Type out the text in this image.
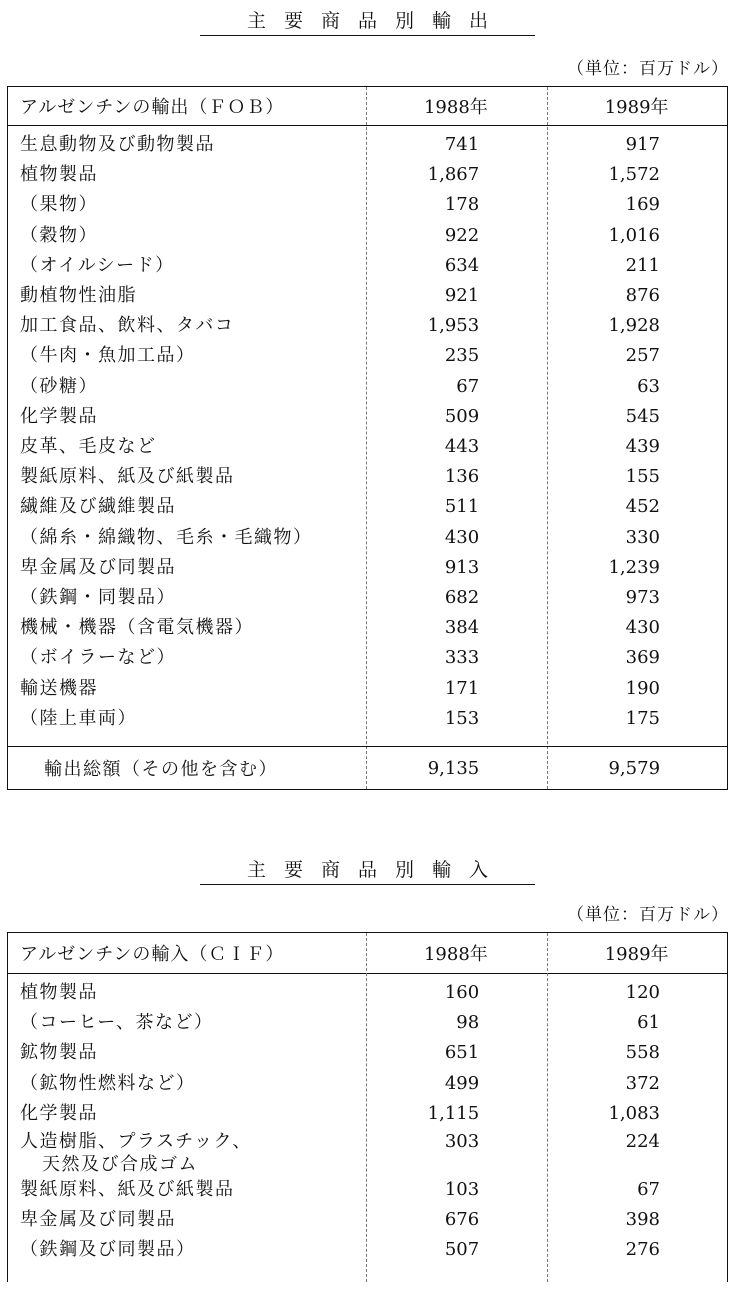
主要商品別輸出
（単位：百万ドル）
アルゼンチンの輸出（ＦＯＢ）	1988年	1989年
生息動物及び動物製品	741	917
植物製品	1,867	1,572
（果物）	178	169
（穀物）	922	1,016
（オイルシード）	634	211
動植物性油脂	921	876
加工食品、飲料、タバコ	1,953	1,928
（牛肉・魚加工品）	235	257
（砂糖）	67	63
化学製品	509	545
皮革、毛皮など	443	439
製紙原料、紙及び紙製品	136	155
繊維及び繊維製品	511	452
（綿糸・綿織物、毛糸・毛織物）	430	330
卑金属及び同製品	913	1,239
（鉄鋼・同製品）	682	973
機械・機器（含電気機器）	384	430
（ボイラーなど）	333	369
輸送機器	171	190
（陸上車両）	153	175
輸出総額（その他を含む）	9,135	9,579
主要商品別輸入
（単位：百万ドル）
アルゼンチンの輸入（ＣＩＦ）	1988年	1989年
植物製品	160	120
（コーヒー、茶など）	98	61
鉱物製品	651	558
（鉱物性燃料など）	499	372
化学製品	1,115	1,083
人造樹脂、プラスチック、
天然及び合成ゴム
303	224
製紙原料、紙及び紙製品	103	67
卑金属及び同製品	676	398
（鉄鋼及び同製品）	507	276
